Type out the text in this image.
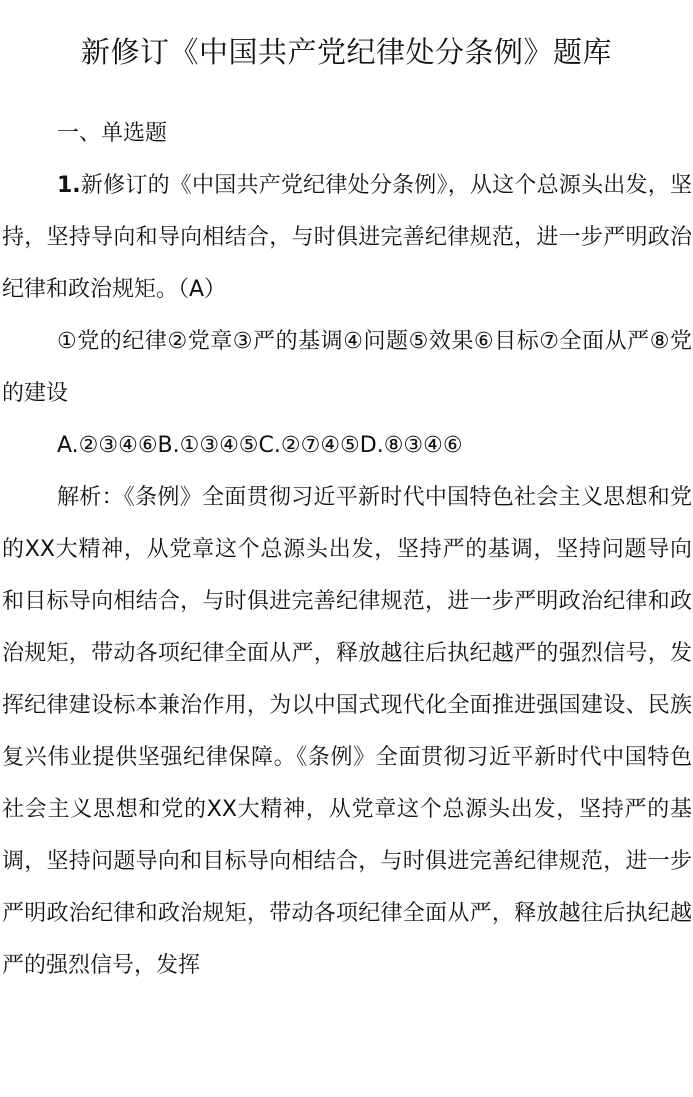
新修订《中国共产党纪律处分条例》题库

一、单选题

1.新修订的《中国共产党纪律处分条例》，从这个总源头出发，坚持，坚持导向和导向相结合，与时俱进完善纪律规范，进一步严明政治纪律和政治规矩。（A）

①党的纪律②党章③严的基调④问题⑤效果⑥目标⑦全面从严⑧党的建设

A.②③④⑥B.①③④⑤C.②⑦④⑤D.⑧③④⑥

解析：《条例》全面贯彻习近平新时代中国特色社会主义思想和党的XX大精神，从党章这个总源头出发，坚持严的基调，坚持问题导向和目标导向相结合，与时俱进完善纪律规范，进一步严明政治纪律和政治规矩，带动各项纪律全面从严，释放越往后执纪越严的强烈信号，发挥纪律建设标本兼治作用，为以中国式现代化全面推进强国建设、民族复兴伟业提供坚强纪律保障。《条例》全面贯彻习近平新时代中国特色社会主义思想和党的XX大精神，从党章这个总源头出发，坚持严的基调，坚持问题导向和目标导向相结合，与时俱进完善纪律规范，进一步严明政治纪律和政治规矩，带动各项纪律全面从严，释放越往后执纪越严的强烈信号，发挥
